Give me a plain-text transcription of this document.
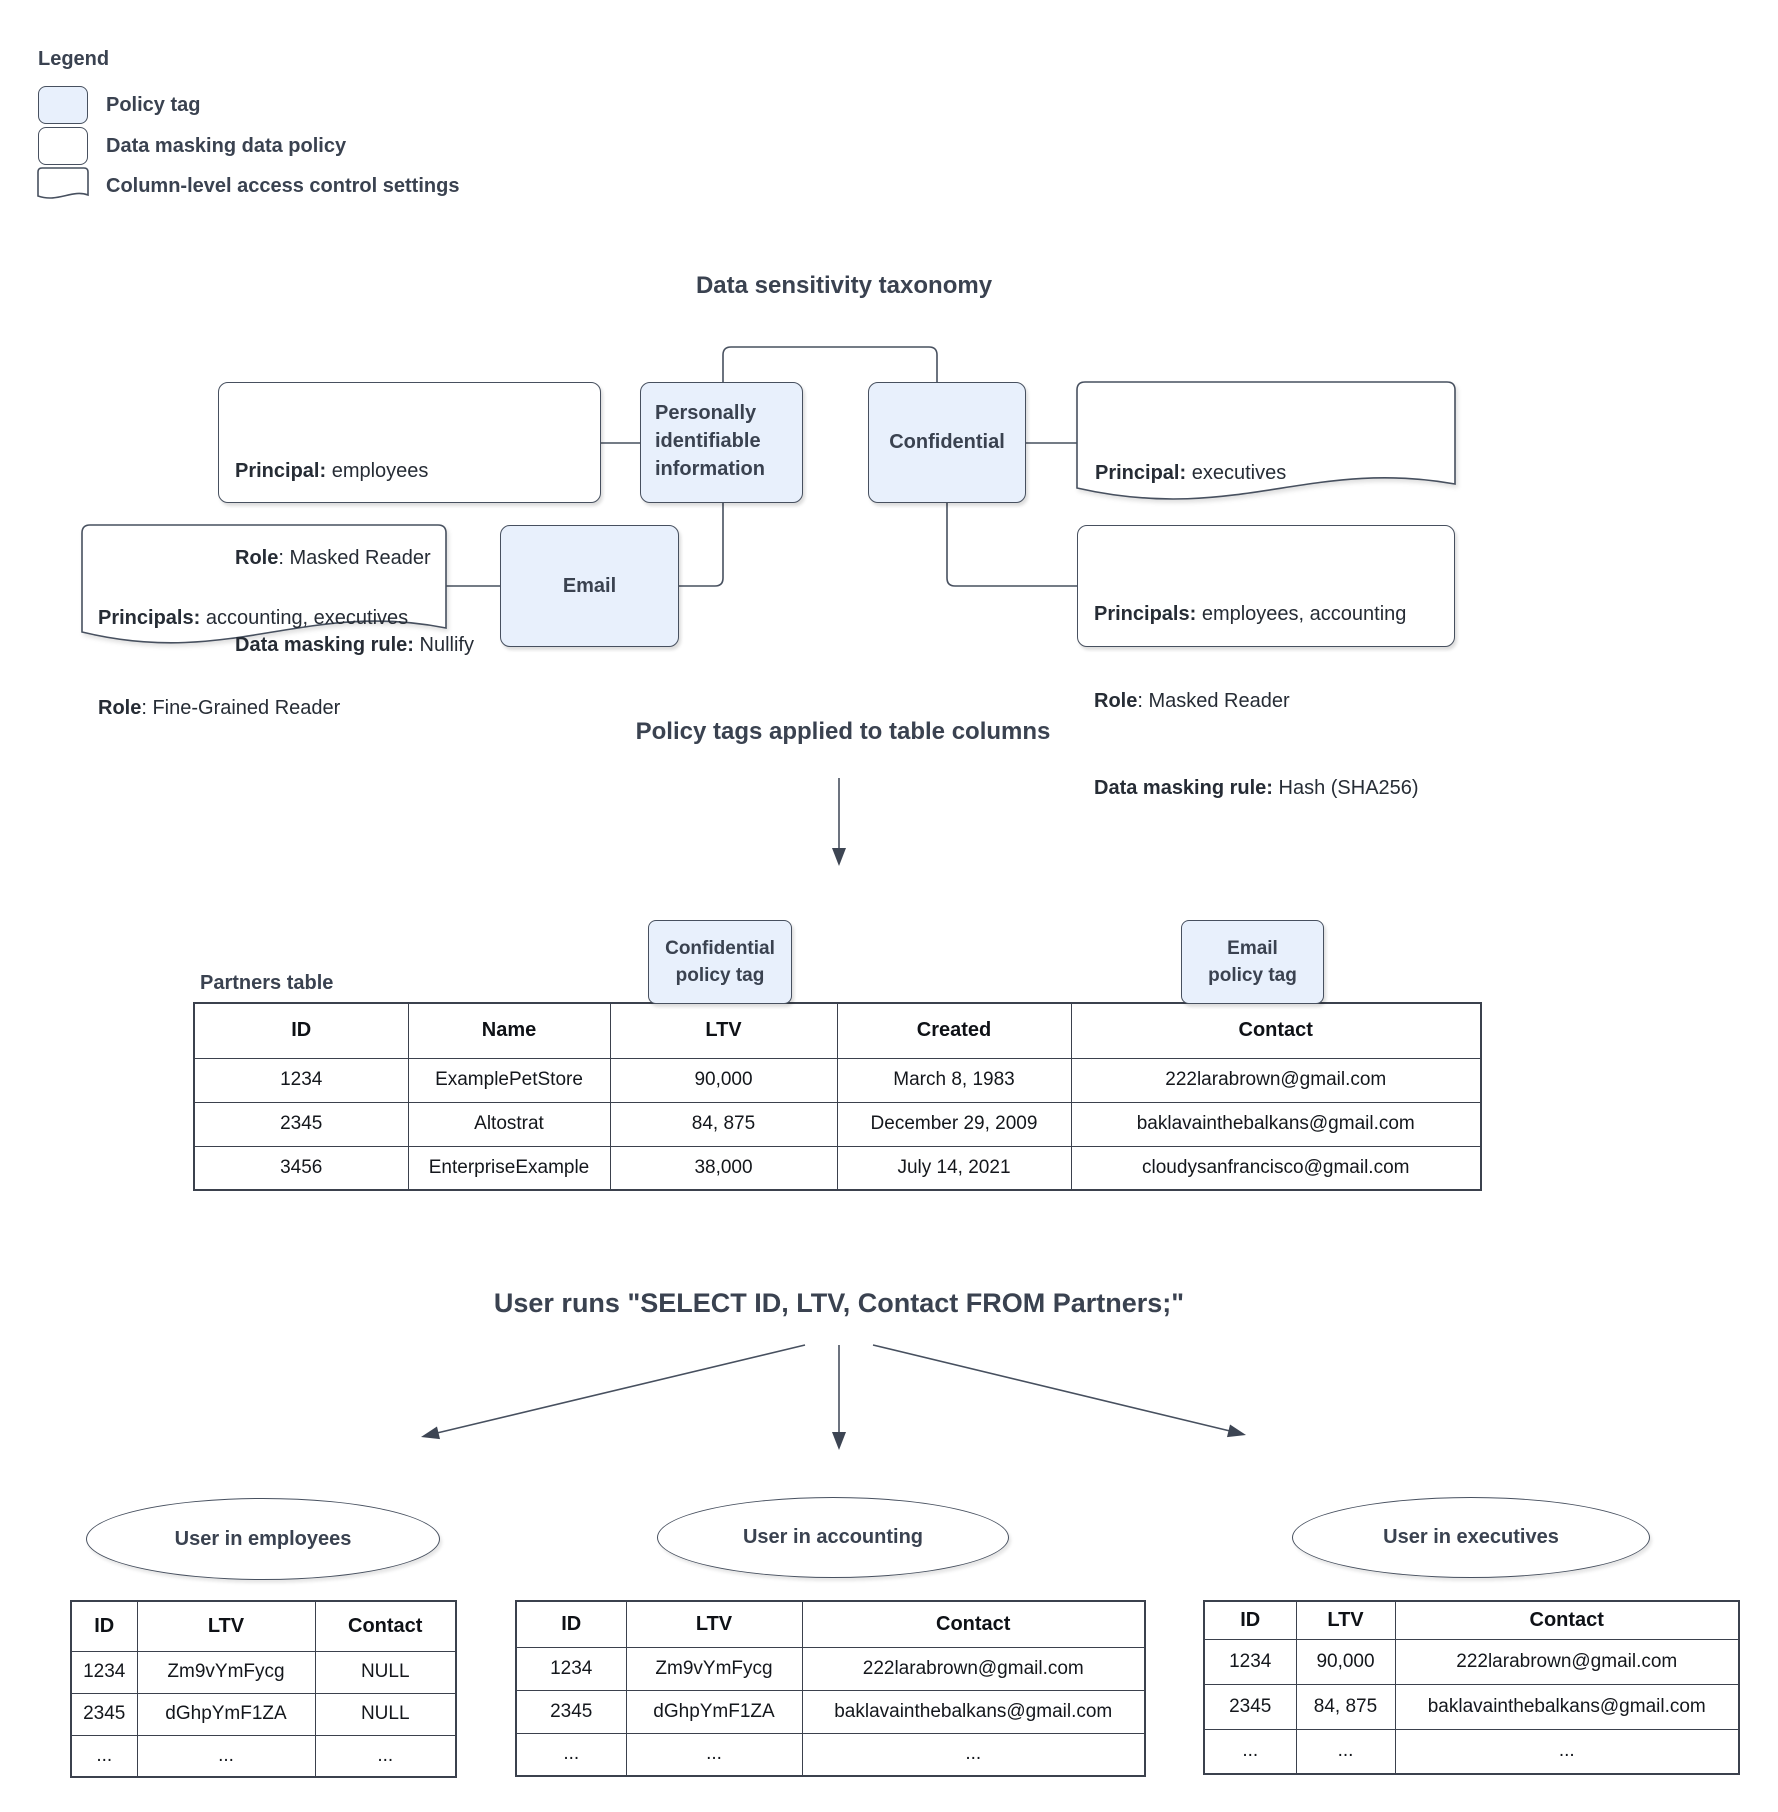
Legend
Policy tag
Data masking data policy
Column-level access control settings
Data sensitivity taxonomy

Principal: employees

Role: Masked Reader

Data masking rule: Nullify

Personally identifiable information
Confidential

Principal: executives

Principals: accounting, executives

Role: Fine-Grained Reader

Email

Principals: employees, accounting

Role: Masked Reader

Data masking rule: Hash (SHA256)

Policy tags applied to table columns
Partners table
Confidential
policy tag
Email
policy tag
ID	Name	LTV	Created	Contact
1234	ExamplePetStore	90,000	March 8, 1983	222larabrown@gmail.com
2345	Altostrat	84, 875	December 29, 2009	baklavainthebalkans@gmail.com
3456	EnterpriseExample	38,000	July 14, 2021	cloudysanfrancisco@gmail.com
User runs "SELECT ID, LTV, Contact FROM Partners;"
User in employees
ID	LTV	Contact
1234	Zm9vYmFycg	NULL
2345	dGhpYmF1ZA	NULL
...	...	...
User in accounting
ID	LTV	Contact
1234	Zm9vYmFycg	222larabrown@gmail.com
2345	dGhpYmF1ZA	baklavainthebalkans@gmail.com
...	...	...
User in executives
ID	LTV	Contact
1234	90,000	222larabrown@gmail.com
2345	84, 875	baklavainthebalkans@gmail.com
...	...	...
